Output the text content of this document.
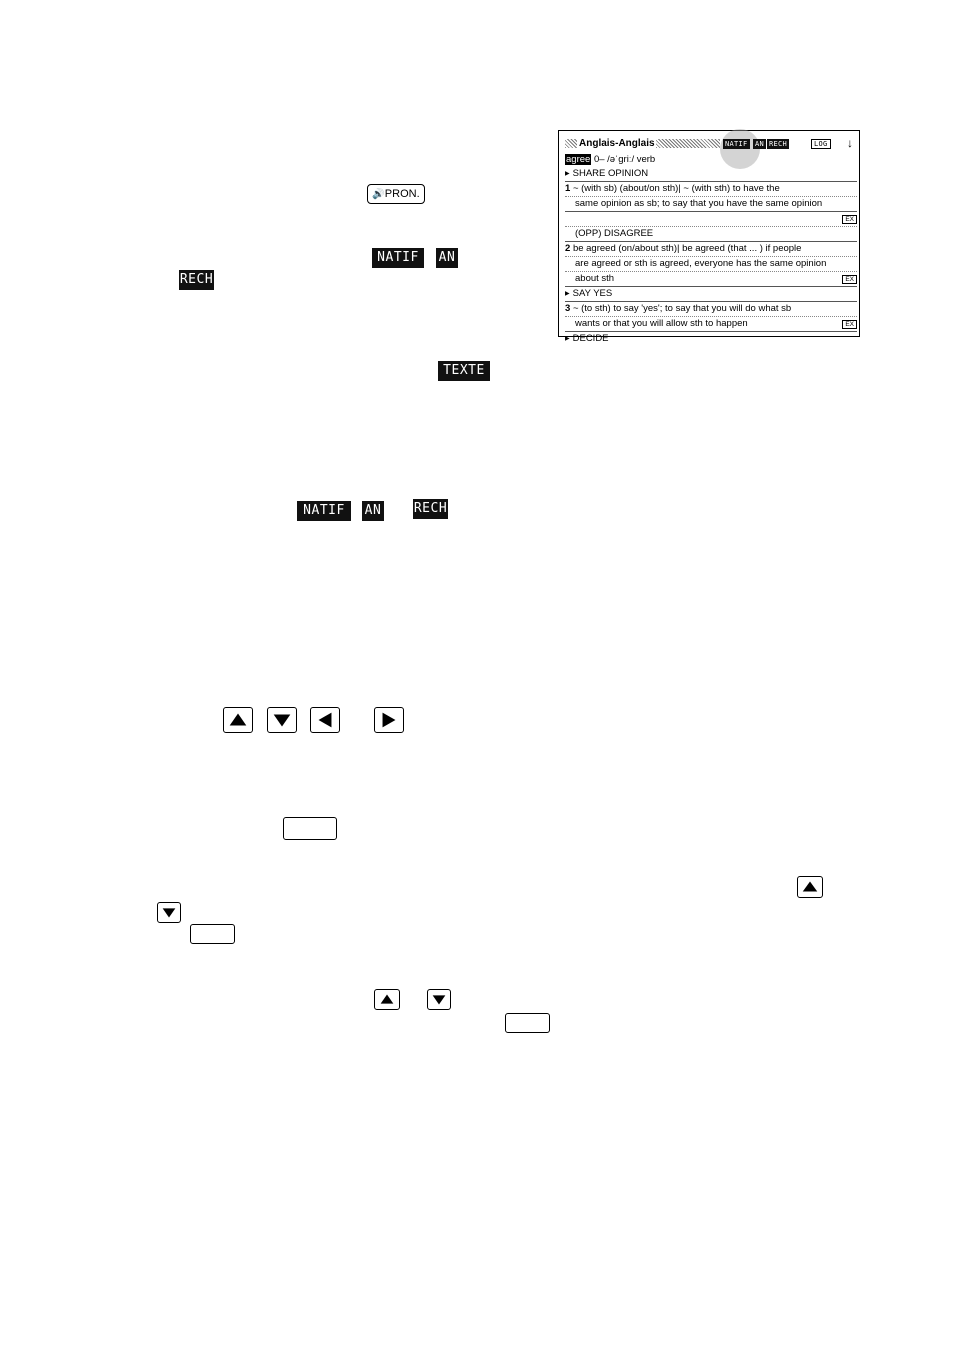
Anglais-Anglais	NATIF AN RECH	LOG ↓
agree 0– /əˈɡriː/ verb
▶ SHARE OPINION
1 ~ (with sb) (about/on sth)| ~ (with sth) to have the
same opinion as sb; to say that you have the same opinion
EX
(OPP) DISAGREE
2 be agreed (on/about sth)| be agreed (that ... ) if people
are agreed or sth is agreed, everyone has the same opinion
about sth	EX
▶ SAY YES
3 ~ (to sth) to say 'yes'; to say that you will do what sb
wants or that you will allow sth to happen	EX
▶ DECIDE
🔊PRON.
NATIF	AN
RECH
TEXTE
NATIF	AN	RECH
